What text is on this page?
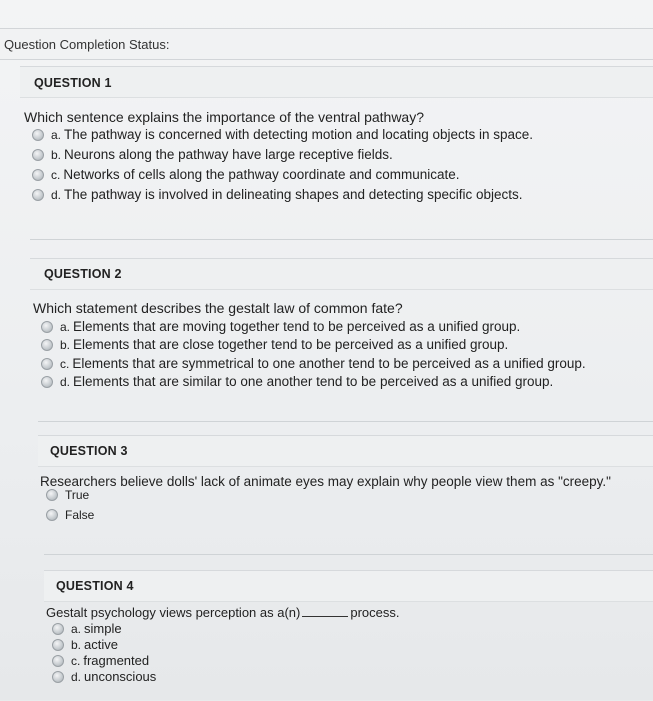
Question Completion Status:
QUESTION 1
Which sentence explains the importance of the ventral pathway?
a. The pathway is concerned with detecting motion and locating objects in space.
b. Neurons along the pathway have large receptive fields.
c. Networks of cells along the pathway coordinate and communicate.
d. The pathway is involved in delineating shapes and detecting specific objects.
QUESTION 2
Which statement describes the gestalt law of common fate?
a. Elements that are moving together tend to be perceived as a unified group.
b. Elements that are close together tend to be perceived as a unified group.
c. Elements that are symmetrical to one another tend to be perceived as a unified group.
d. Elements that are similar to one another tend to be perceived as a unified group.
QUESTION 3
Researchers believe dolls' lack of animate eyes may explain why people view them as "creepy."
True
False
QUESTION 4
Gestalt psychology views perception as a(n)	process.
a. simple
b. active
c. fragmented
d. unconscious
